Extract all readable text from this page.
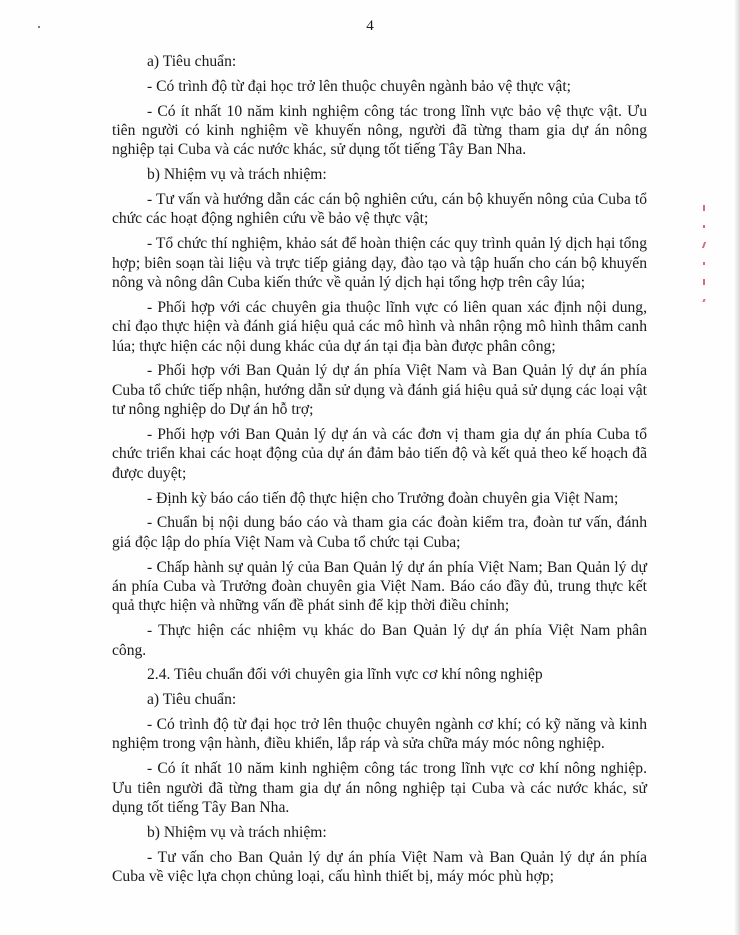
4

a) Tiêu chuẩn:

- Có trình độ từ đại học trở lên thuộc chuyên ngành bảo vệ thực vật;

- Có ít nhất 10 năm kinh nghiệm công tác trong lĩnh vực bảo vệ thực vật. Ưu tiên người có kinh nghiệm về khuyến nông, người đã từng tham gia dự án nông nghiệp tại Cuba và các nước khác, sử dụng tốt tiếng Tây Ban Nha.

b) Nhiệm vụ và trách nhiệm:

- Tư vấn và hướng dẫn các cán bộ nghiên cứu, cán bộ khuyến nông của Cuba tổ chức các hoạt động nghiên cứu về bảo vệ thực vật;

- Tổ chức thí nghiệm, khảo sát để hoàn thiện các quy trình quản lý dịch hại tổng hợp; biên soạn tài liệu và trực tiếp giảng dạy, đào tạo và tập huấn cho cán bộ khuyến nông và nông dân Cuba kiến thức về quản lý dịch hại tổng hợp trên cây lúa;

- Phối hợp với các chuyên gia thuộc lĩnh vực có liên quan xác định nội dung, chỉ đạo thực hiện và đánh giá hiệu quả các mô hình và nhân rộng mô hình thâm canh lúa; thực hiện các nội dung khác của dự án tại địa bàn được phân công;

- Phối hợp với Ban Quản lý dự án phía Việt Nam và Ban Quản lý dự án phía Cuba tổ chức tiếp nhận, hướng dẫn sử dụng và đánh giá hiệu quả sử dụng các loại vật tư nông nghiệp do Dự án hỗ trợ;

- Phối hợp với Ban Quản lý dự án và các đơn vị tham gia dự án phía Cuba tổ chức triển khai các hoạt động của dự án đảm bảo tiến độ và kết quả theo kế hoạch đã được duyệt;

- Định kỳ báo cáo tiến độ thực hiện cho Trưởng đoàn chuyên gia Việt Nam;

- Chuẩn bị nội dung báo cáo và tham gia các đoàn kiểm tra, đoàn tư vấn, đánh giá độc lập do phía Việt Nam và Cuba tổ chức tại Cuba;

- Chấp hành sự quản lý của Ban Quản lý dự án phía Việt Nam; Ban Quản lý dự án phía Cuba và Trưởng đoàn chuyên gia Việt Nam. Báo cáo đầy đủ, trung thực kết quả thực hiện và những vấn đề phát sinh để kịp thời điều chỉnh;

- Thực hiện các nhiệm vụ khác do Ban Quản lý dự án phía Việt Nam phân công.

2.4. Tiêu chuẩn đối với chuyên gia lĩnh vực cơ khí nông nghiệp

a) Tiêu chuẩn:

- Có trình độ từ đại học trở lên thuộc chuyên ngành cơ khí; có kỹ năng và kinh nghiệm trong vận hành, điều khiển, lắp ráp và sửa chữa máy móc nông nghiệp.

- Có ít nhất 10 năm kinh nghiệm công tác trong lĩnh vực cơ khí nông nghiệp. Ưu tiên người đã từng tham gia dự án nông nghiệp tại Cuba và các nước khác, sử dụng tốt tiếng Tây Ban Nha.

b) Nhiệm vụ và trách nhiệm:

- Tư vấn cho Ban Quản lý dự án phía Việt Nam và Ban Quản lý dự án phía Cuba về việc lựa chọn chủng loại, cấu hình thiết bị, máy móc phù hợp;
